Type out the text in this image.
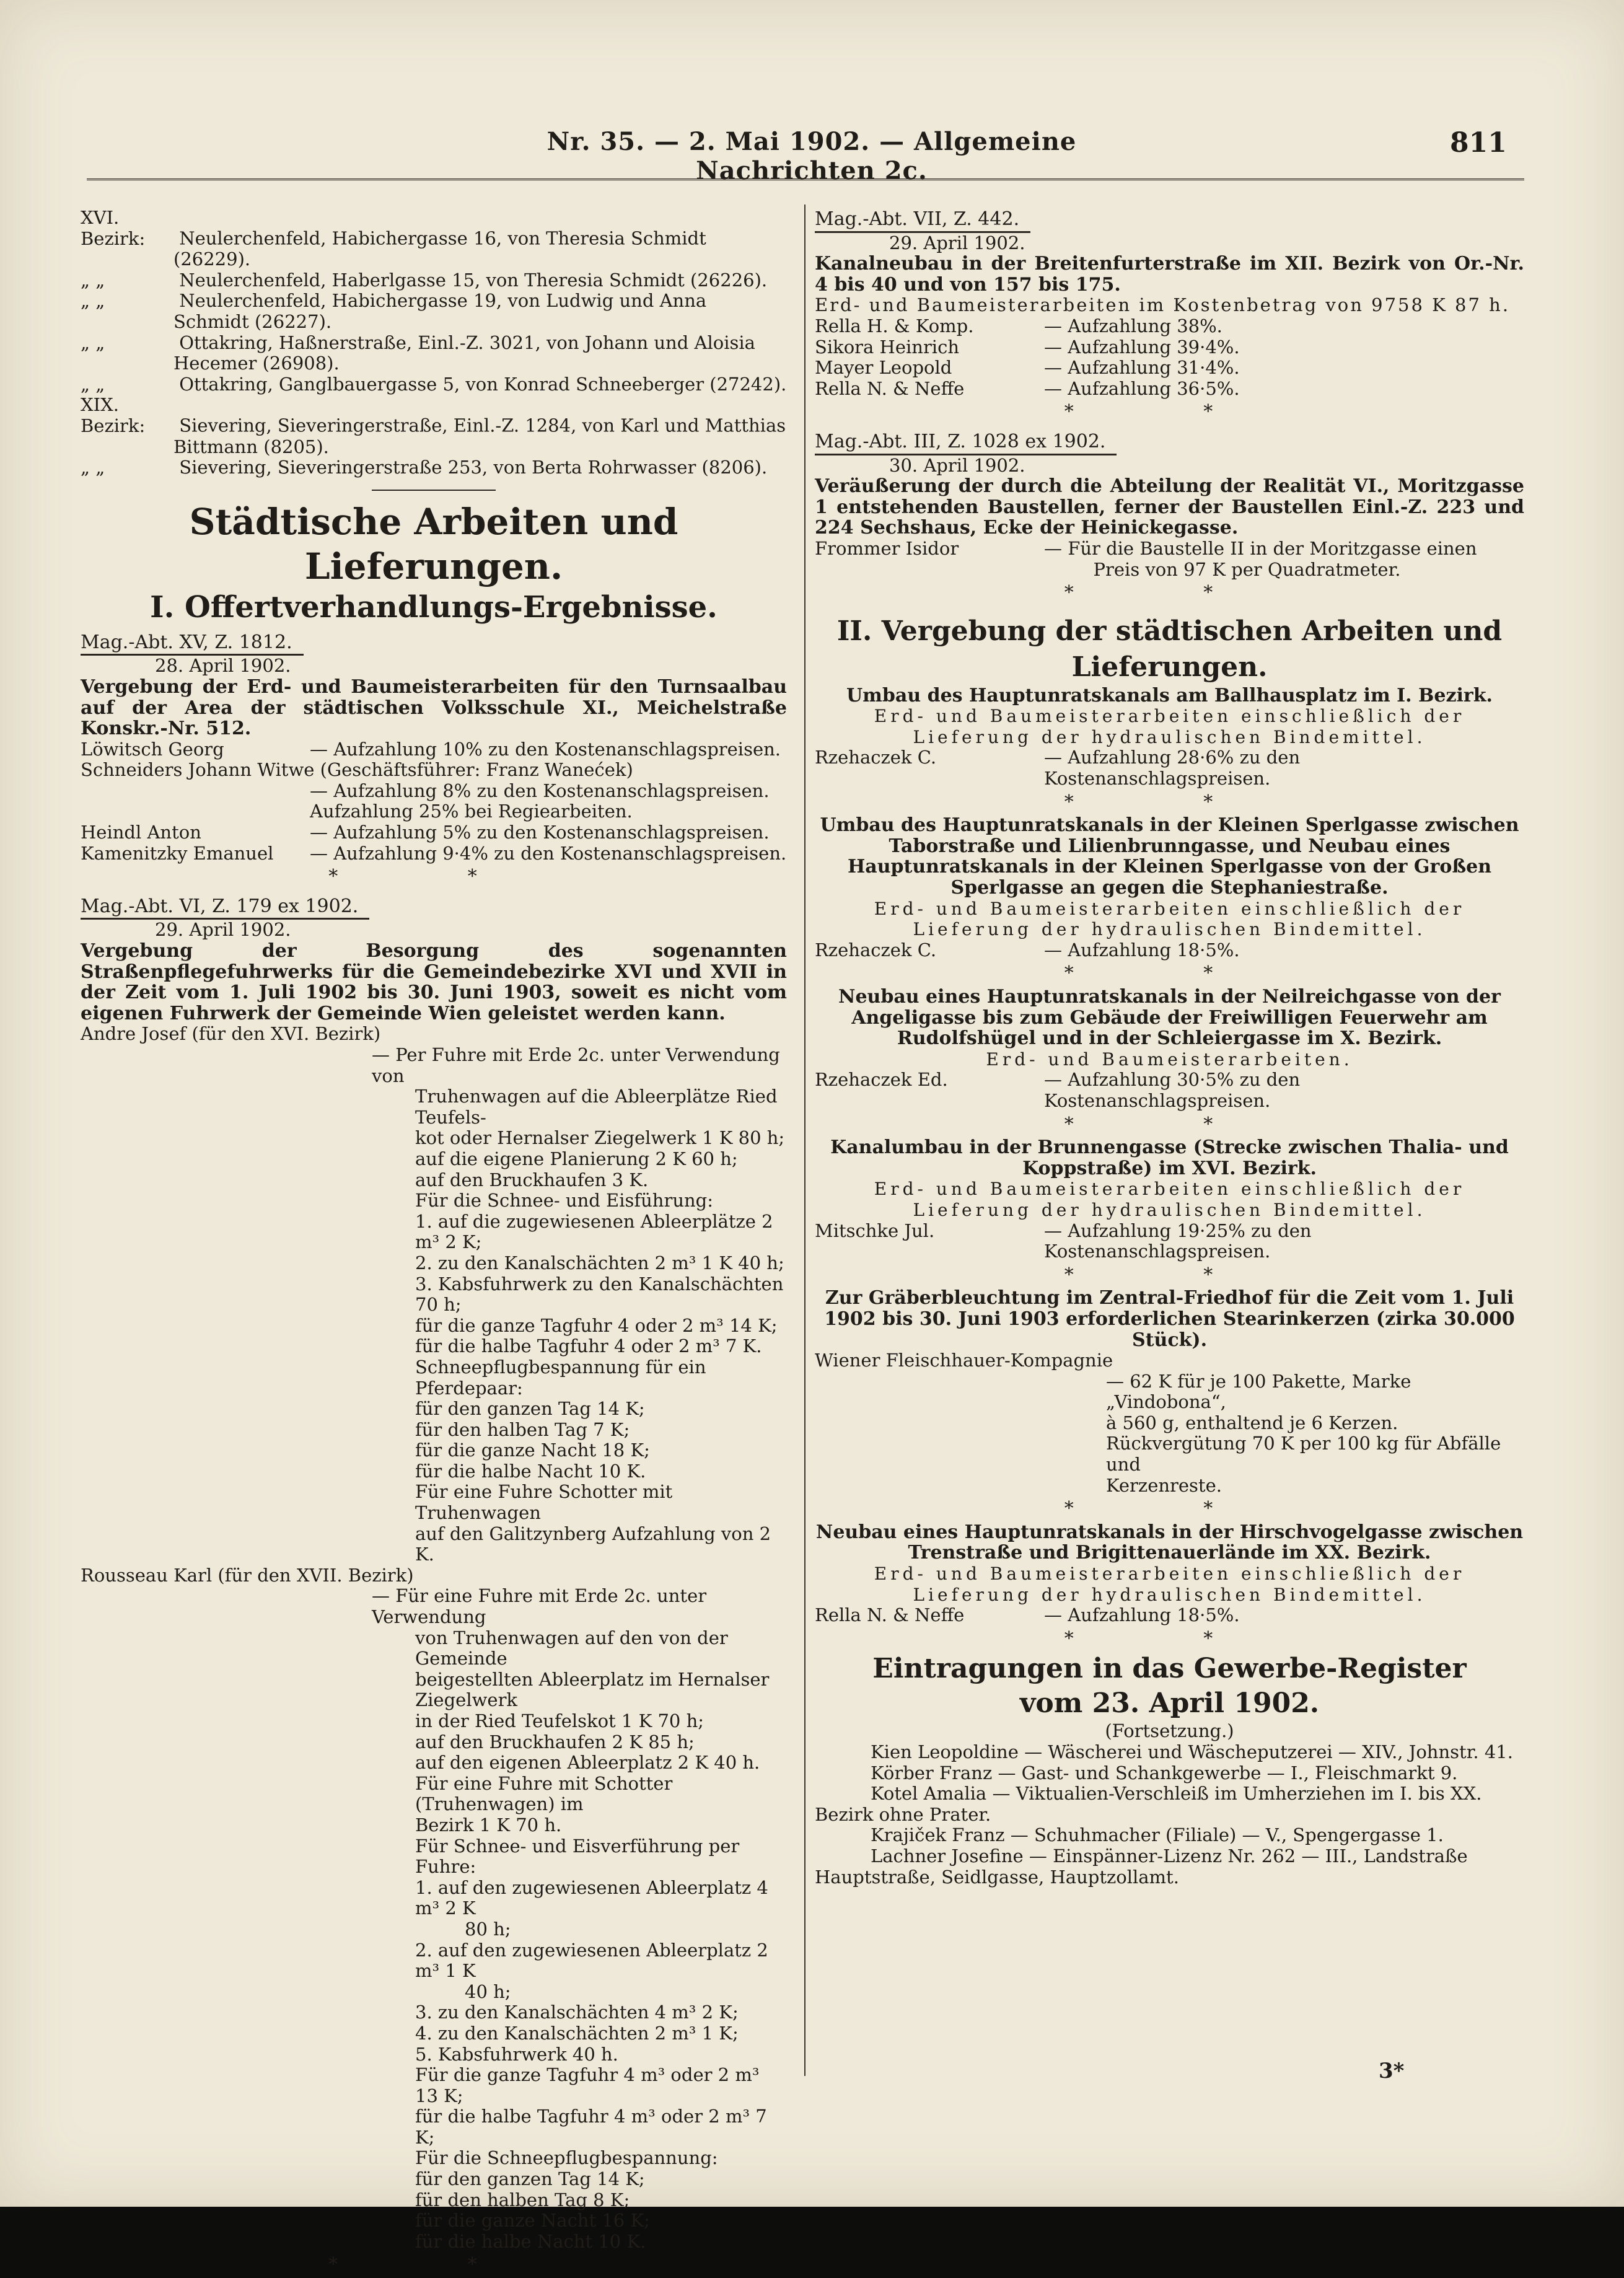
Nr. 35. — 2. Mai 1902. — Allgemeine Nachrichten 2c.
811

XVI. Bezirk: Neulerchenfeld, Habichergasse 16, von Theresia Schmidt (26229).

„ „	Neulerchenfeld, Haberlgasse 15, von Theresia Schmidt (26226).

„ „	Neulerchenfeld, Habichergasse 19, von Ludwig und Anna Schmidt (26227).

„ „	Ottakring, Haßnerstraße, Einl.-Z. 3021, von Johann und Aloisia Hecemer (26908).

„ „	Ottakring, Ganglbauergasse 5, von Konrad Schneeberger (27242).

XIX. Bezirk: Sievering, Sieveringerstraße, Einl.-Z. 1284, von Karl und Matthias Bittmann (8205).

„ „	Sievering, Sieveringerstraße 253, von Berta Rohrwasser (8206).

Städtische Arbeiten und Lieferungen.
I. Offertverhandlungs-Ergebnisse.
Mag.-Abt. XV, Z. 1812.

28. April 1902.

Vergebung der Erd- und Baumeisterarbeiten für den Turnsaalbau auf der Area der städtischen Volksschule XI., Meichelstraße Konskr.-Nr. 512.

Löwitsch Georg	— Aufzahlung 10% zu den Kostenanschlagspreisen.
Schneiders Johann Witwe (Geschäftsführer: Franz Wanećek)
— Aufzahlung 8% zu den Kostenanschlagspreisen.
Aufzahlung 25% bei Regiearbeiten.
Heindl Anton	— Aufzahlung 5% zu den Kostenanschlagspreisen.
Kamenitzky Emanuel	— Aufzahlung 9·4% zu den Kostenanschlagspreisen.
* *
Mag.-Abt. VI, Z. 179 ex 1902.

29. April 1902.

Vergebung der Besorgung des sogenannten Straßenpflegefuhrwerks für die Gemeindebezirke XVI und XVII in der Zeit vom 1. Juli 1902 bis 30. Juni 1903, soweit es nicht vom eigenen Fuhrwerk der Gemeinde Wien geleistet werden kann.

Andre Josef (für den XVI. Bezirk)

— Per Fuhre mit Erde 2c. unter Verwendung von

Truhenwagen auf die Ableerplätze Ried Teufels-

kot oder Hernalser Ziegelwerk 1 K 80 h;

auf die eigene Planierung 2 K 60 h;

auf den Bruckhaufen 3 K.

Für die Schnee- und Eisführung:

1. auf die zugewiesenen Ableerplätze 2 m³ 2 K;

2. zu den Kanalschächten 2 m³ 1 K 40 h;

3. Kabsfuhrwerk zu den Kanalschächten 70 h;

für die ganze Tagfuhr 4 oder 2 m³ 14 K;

für die halbe Tagfuhr 4 oder 2 m³ 7 K.

Schneepflugbespannung für ein Pferdepaar:

für den ganzen Tag 14 K;

für den halben Tag 7 K;

für die ganze Nacht 18 K;

für die halbe Nacht 10 K.

Für eine Fuhre Schotter mit Truhenwagen

auf den Galitzynberg Aufzahlung von 2 K.

Rousseau Karl (für den XVII. Bezirk)

— Für eine Fuhre mit Erde 2c. unter Verwendung

von Truhenwagen auf den von der Gemeinde

beigestellten Ableerplatz im Hernalser Ziegelwerk

in der Ried Teufelskot 1 K 70 h;

auf den Bruckhaufen 2 K 85 h;

auf den eigenen Ableerplatz 2 K 40 h.

Für eine Fuhre mit Schotter (Truhenwagen) im

Bezirk 1 K 70 h.

Für Schnee- und Eisverführung per Fuhre:

1. auf den zugewiesenen Ableerplatz 4 m³ 2 K

80 h;

2. auf den zugewiesenen Ableerplatz 2 m³ 1 K

40 h;

3. zu den Kanalschächten 4 m³ 2 K;

4. zu den Kanalschächten 2 m³ 1 K;

5. Kabsfuhrwerk 40 h.

Für die ganze Tagfuhr 4 m³ oder 2 m³ 13 K;

für die halbe Tagfuhr 4 m³ oder 2 m³ 7 K;

Für die Schneepflugbespannung:

für den ganzen Tag 14 K;

für den halben Tag 8 K;

für die ganze Nacht 16 K;

für die halbe Nacht 10 K.

* *
Mag.-Abt. VII, Z. 442.

29. April 1902.

Kanalneubau in der Breitenfurterstraße im XII. Bezirk von Or.-Nr. 4 bis 40 und von 157 bis 175.

Erd- und Baumeisterarbeiten im Kostenbetrag von 9758 K 87 h.

Rella H. & Komp.	— Aufzahlung 38%.
Sikora Heinrich	— Aufzahlung 39·4%.
Mayer Leopold	— Aufzahlung 31·4%.
Rella N. & Neffe	— Aufzahlung 36·5%.
* *
Mag.-Abt. III, Z. 1028 ex 1902.

30. April 1902.

Veräußerung der durch die Abteilung der Realität VI., Moritzgasse 1 entstehenden Baustellen, ferner der Baustellen Einl.-Z. 223 und 224 Sechshaus, Ecke der Heinickegasse.

Frommer Isidor	— Für die Baustelle II in der Moritzgasse einen

Preis von 97 K per Quadratmeter.

* *
II. Vergebung der städtischen Arbeiten und Lieferungen.

Umbau des Hauptunratskanals am Ballhausplatz im I. Bezirk.

Erd- und Baumeisterarbeiten einschließlich der Lieferung der hydraulischen Bindemittel.

Rzehaczek C.	— Aufzahlung 28·6% zu den Kostenanschlagspreisen.
* *

Umbau des Hauptunratskanals in der Kleinen Sperlgasse zwischen Taborstraße und Lilienbrunngasse, und Neubau eines Hauptunratskanals in der Kleinen Sperlgasse von der Großen Sperlgasse an gegen die Stephaniestraße.

Erd- und Baumeisterarbeiten einschließlich der Lieferung der hydraulischen Bindemittel.

Rzehaczek C.	— Aufzahlung 18·5%.
* *

Neubau eines Hauptunratskanals in der Neilreichgasse von der Angeligasse bis zum Gebäude der Freiwilligen Feuerwehr am Rudolfshügel und in der Schleiergasse im X. Bezirk.

Erd- und Baumeisterarbeiten.

Rzehaczek Ed.	— Aufzahlung 30·5% zu den Kostenanschlagspreisen.
* *

Kanalumbau in der Brunnengasse (Strecke zwischen Thalia- und Koppstraße) im XVI. Bezirk.

Erd- und Baumeisterarbeiten einschließlich der Lieferung der hydraulischen Bindemittel.

Mitschke Jul.	— Aufzahlung 19·25% zu den Kostenanschlagspreisen.
* *

Zur Gräberbleuchtung im Zentral-Friedhof für die Zeit vom 1. Juli 1902 bis 30. Juni 1903 erforderlichen Stearinkerzen (zirka 30.000 Stück).

Wiener Fleischhauer-Kompagnie

— 62 K für je 100 Pakette, Marke „Vindobona“,

à 560 g, enthaltend je 6 Kerzen.

Rückvergütung 70 K per 100 kg für Abfälle und

Kerzenreste.

* *

Neubau eines Hauptunratskanals in der Hirschvogelgasse zwischen Trenstraße und Brigittenauerlände im XX. Bezirk.

Erd- und Baumeisterarbeiten einschließlich der Lieferung der hydraulischen Bindemittel.

Rella N. & Neffe	— Aufzahlung 18·5%.
* *
Eintragungen in das Gewerbe-Register
vom 23. April 1902.

(Fortsetzung.)

Kien Leopoldine — Wäscherei und Wäscheputzerei — XIV., Johnstr. 41.

Körber Franz — Gast- und Schankgewerbe — I., Fleischmarkt 9.

Kotel Amalia — Viktualien-Verschleiß im Umherziehen im I. bis XX.

Bezirk ohne Prater.

Krajiček Franz — Schuhmacher (Filiale) — V., Spengergasse 1.

Lachner Josefine — Einspänner-Lizenz Nr. 262 — III., Landstraße

Hauptstraße, Seidlgasse, Hauptzollamt.

3*
